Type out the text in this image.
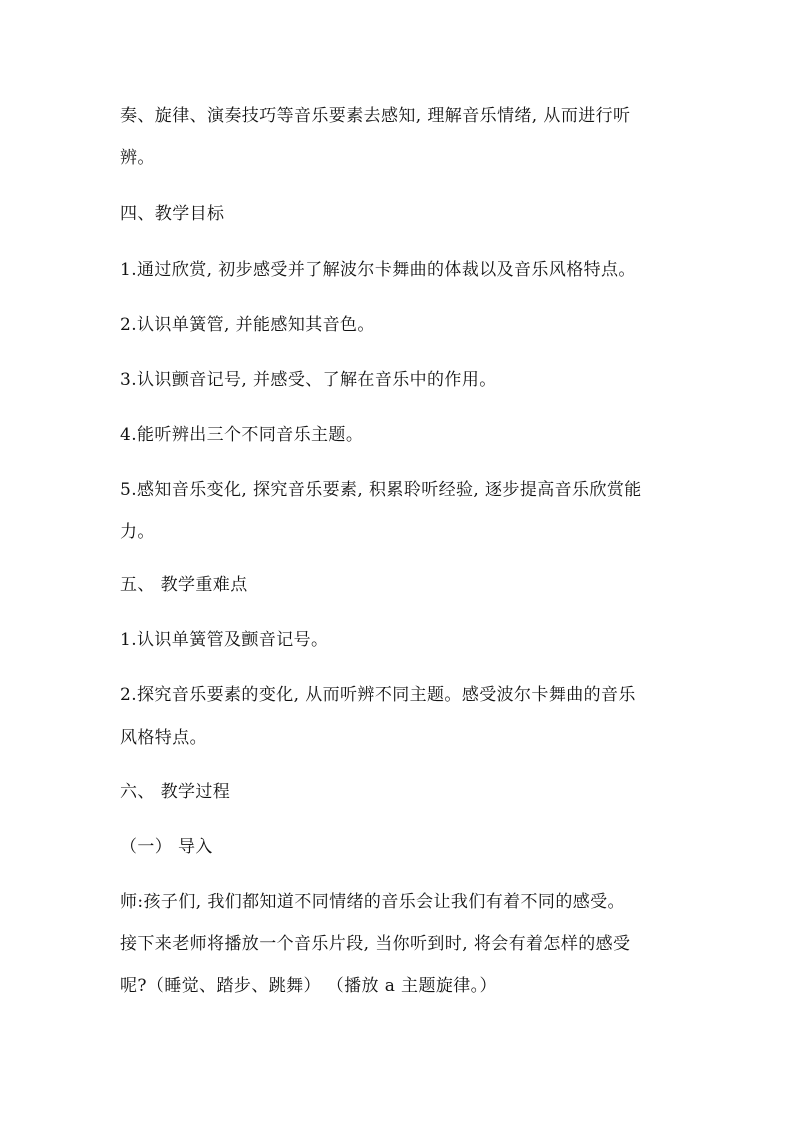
奏、旋律、演奏技巧等音乐要素去感知, 理解音乐情绪, 从而进行听
辨。
四、教学目标
1.通过欣赏, 初步感受并了解波尔卡舞曲的体裁以及音乐风格特点。
2.认识单簧管, 并能感知其音色。
3.认识颤音记号, 并感受、了解在音乐中的作用。
4.能听辨出三个不同音乐主题。
5.感知音乐变化, 探究音乐要素, 积累聆听经验, 逐步提高音乐欣赏能
力。
五、 教学重难点
1.认识单簧管及颤音记号。
2.探究音乐要素的变化, 从而听辨不同主题。感受波尔卡舞曲的音乐
风格特点。
六、 教学过程
（一） 导入
师:孩子们, 我们都知道不同情绪的音乐会让我们有着不同的感受。
接下来老师将播放一个音乐片段, 当你听到时, 将会有着怎样的感受
呢?（睡觉、踏步、跳舞） （播放 a 主题旋律。）
